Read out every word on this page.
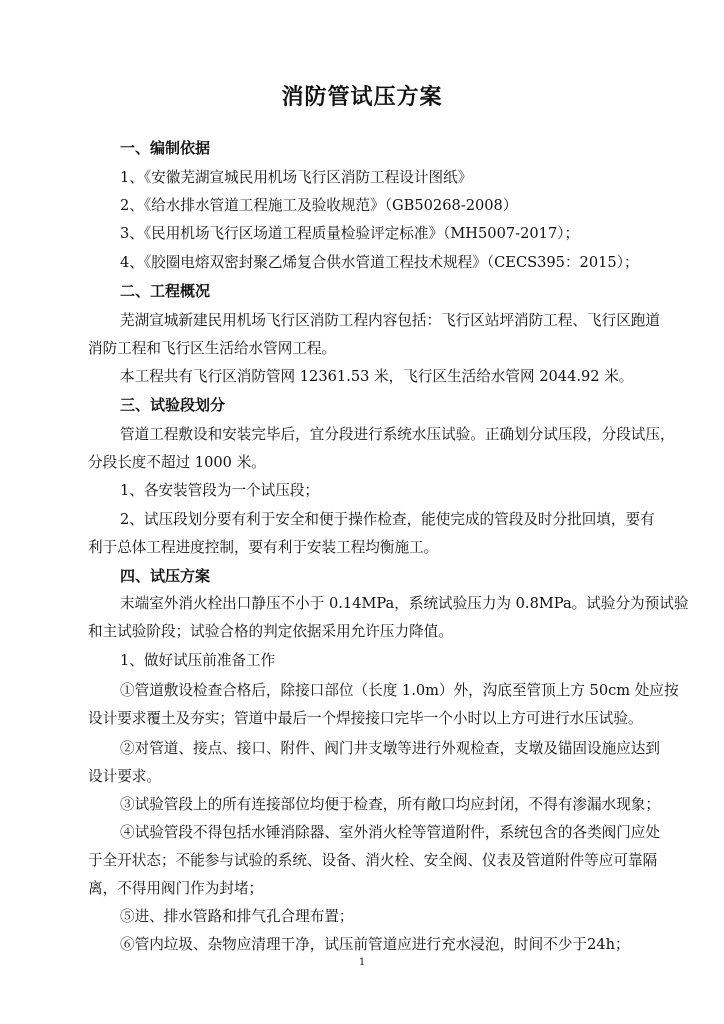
消防管试压方案

一、编制依据

1、《安徽芜湖宣城民用机场飞行区消防工程设计图纸》

2、《给水排水管道工程施工及验收规范》（GB50268-2008）

3、《民用机场飞行区场道工程质量检验评定标准》（MH5007-2017）；

4、《胶圈电熔双密封聚乙烯复合供水管道工程技术规程》（CECS395：2015）；

二、工程概况

芜湖宣城新建民用机场飞行区消防工程内容包括：飞行区站坪消防工程、飞行区跑道

消防工程和飞行区生活给水管网工程。

本工程共有飞行区消防管网 12361.53 米，飞行区生活给水管网 2044.92 米。

三、试验段划分

管道工程敷设和安装完毕后，宜分段进行系统水压试验。正确划分试压段，分段试压，

分段长度不超过 1000 米。

1、各安装管段为一个试压段；

2、试压段划分要有利于安全和便于操作检查，能使完成的管段及时分批回填，要有

利于总体工程进度控制，要有利于安装工程均衡施工。

四、试压方案

末端室外消火栓出口静压不小于 0.14MPa，系统试验压力为 0.8MPa。试验分为预试验

和主试验阶段；试验合格的判定依据采用允许压力降值。

1、做好试压前准备工作

①管道敷设检查合格后，除接口部位（长度 1.0m）外，沟底至管顶上方 50cm 处应按

设计要求覆土及夯实；管道中最后一个焊接接口完毕一个小时以上方可进行水压试验。

②对管道、接点、接口、附件、阀门井支墩等进行外观检查，支墩及锚固设施应达到

设计要求。

③试验管段上的所有连接部位均便于检查，所有敞口均应封闭，不得有渗漏水现象；

④试验管段不得包括水锤消除器、室外消火栓等管道附件，系统包含的各类阀门应处

于全开状态；不能参与试验的系统、设备、消火栓、安全阀、仪表及管道附件等应可靠隔

离，不得用阀门作为封堵；

⑤进、排水管路和排气孔合理布置；

⑥管内垃圾、杂物应清理干净，试压前管道应进行充水浸泡，时间不少于24h；

1
